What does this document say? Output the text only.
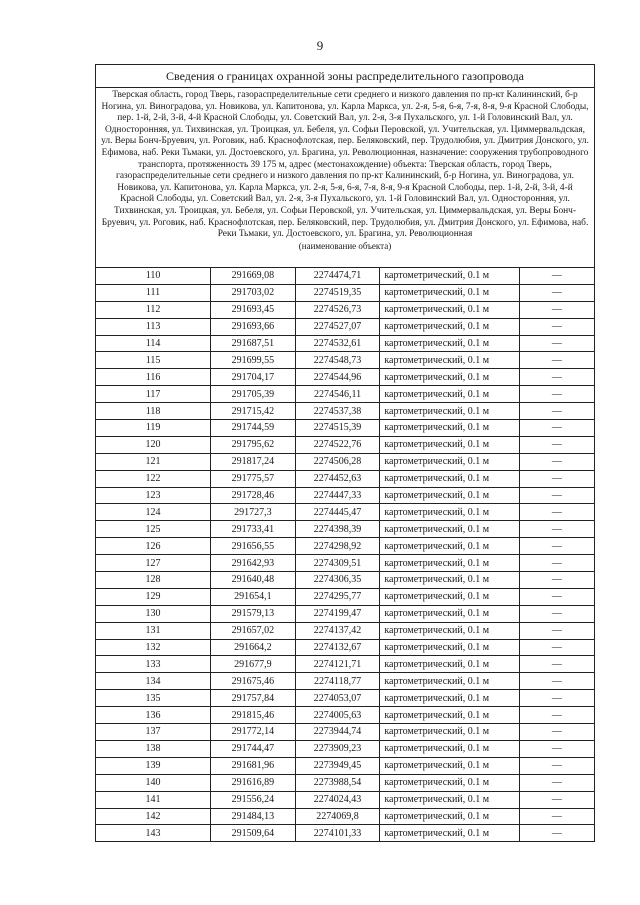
9
Сведения о границах охранной зоны распределительного газопровода
Тверская область, город Тверь, газораспределительные сети среднего и низкого давления по пр-кт Калининский, б-р Ногина, ул. Виноградова, ул. Новикова, ул. Капитонова, ул. Карла Маркса, ул. 2-я, 5-я, 6-я, 7-я, 8-я, 9-я Красной Слободы, пер. 1-й, 2-й, 3-й, 4-й Красной Слободы, ул. Советский Вал, ул. 2-я, 3-я Пухальского, ул. 1-й Головинский Вал, ул. Односторонняя, ул. Тихвинская, ул. Троицкая, ул. Бебеля, ул. Софьи Перовской, ул. Учительская, ул. Циммервальдская, ул. Веры Бонч-Бруевич, ул. Роговик, наб. Краснофлотская, пер. Беляковский, пер. Трудолюбия, ул. Дмитрия Донского, ул. Ефимова, наб. Реки Тьмаки, ул. Достоевского, ул. Брагина, ул. Революционная, назначение: сооружения трубопроводного транспорта, протяженность 39 175 м, адрес (местонахождение) объекта: Тверская область, город Тверь, газораспределительные сети среднего и низкого давления по пр-кт Калининский, б-р Ногина, ул. Виноградова, ул. Новикова, ул. Капитонова, ул. Карла Маркса, ул. 2-я, 5-я, 6-я, 7-я, 8-я, 9-я Красной Слободы, пер. 1-й, 2-й, 3-й, 4-й Красной Слободы, ул. Советский Вал, ул. 2-я, 3-я Пухальского, ул. 1-й Головинский Вал, ул. Односторонняя, ул. Тихвинская, ул. Троицкая, ул. Бебеля, ул. Софьи Перовской, ул. Учительская, ул. Циммервальдская, ул. Веры Бонч-Бруевич, ул. Роговик, наб. Краснофлотская, пер. Беляковский, пер. Трудолюбия, ул. Дмитрия Донского, ул. Ефимова, наб. Реки Тьмаки, ул. Достоевского, ул. Брагина, ул. Революционная
(наименование объекта)
110	291669,08	2274474,71	картометрический, 0.1 м	—
111	291703,02	2274519,35	картометрический, 0.1 м	—
112	291693,45	2274526,73	картометрический, 0.1 м	—
113	291693,66	2274527,07	картометрический, 0.1 м	—
114	291687,51	2274532,61	картометрический, 0.1 м	—
115	291699,55	2274548,73	картометрический, 0.1 м	—
116	291704,17	2274544,96	картометрический, 0.1 м	—
117	291705,39	2274546,11	картометрический, 0.1 м	—
118	291715,42	2274537,38	картометрический, 0.1 м	—
119	291744,59	2274515,39	картометрический, 0.1 м	—
120	291795,62	2274522,76	картометрический, 0.1 м	—
121	291817,24	2274506,28	картометрический, 0.1 м	—
122	291775,57	2274452,63	картометрический, 0.1 м	—
123	291728,46	2274447,33	картометрический, 0.1 м	—
124	291727,3	2274445,47	картометрический, 0.1 м	—
125	291733,41	2274398,39	картометрический, 0.1 м	—
126	291656,55	2274298,92	картометрический, 0.1 м	—
127	291642,93	2274309,51	картометрический, 0.1 м	—
128	291640,48	2274306,35	картометрический, 0.1 м	—
129	291654,1	2274295,77	картометрический, 0.1 м	—
130	291579,13	2274199,47	картометрический, 0.1 м	—
131	291657,02	2274137,42	картометрический, 0.1 м	—
132	291664,2	2274132,67	картометрический, 0.1 м	—
133	291677,9	2274121,71	картометрический, 0.1 м	—
134	291675,46	2274118,77	картометрический, 0.1 м	—
135	291757,84	2274053,07	картометрический, 0.1 м	—
136	291815,46	2274005,63	картометрический, 0.1 м	—
137	291772,14	2273944,74	картометрический, 0.1 м	—
138	291744,47	2273909,23	картометрический, 0.1 м	—
139	291681,96	2273949,45	картометрический, 0.1 м	—
140	291616,89	2273988,54	картометрический, 0.1 м	—
141	291556,24	2274024,43	картометрический, 0.1 м	—
142	291484,13	2274069,8	картометрический, 0.1 м	—
143	291509,64	2274101,33	картометрический, 0.1 м	—
